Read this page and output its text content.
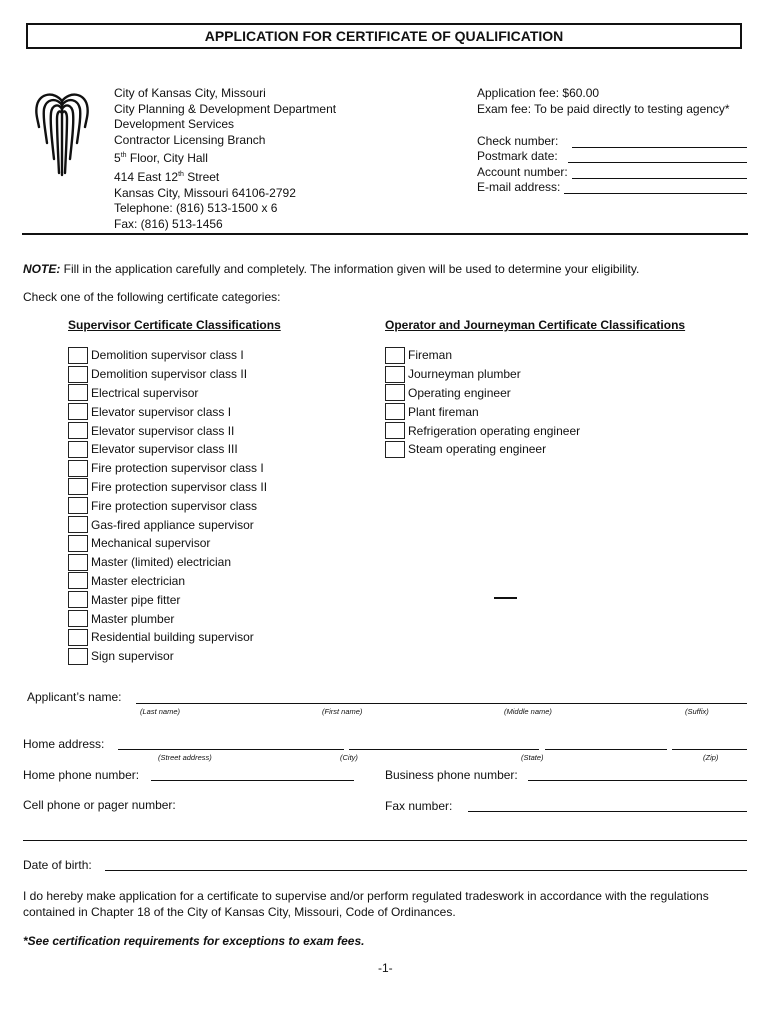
APPLICATION FOR CERTIFICATE OF QUALIFICATION
City of Kansas City, Missouri
City Planning & Development Department
Development Services
Contractor Licensing Branch
5th Floor, City Hall
414 East 12th Street
Kansas City, Missouri 64106-2792
Telephone: (816) 513-1500 x 6
Fax: (816) 513-1456
Application fee: $60.00
Exam fee: To be paid directly to testing agency*
Check number:
Postmark date:
Account number:
E-mail address:
NOTE: Fill in the application carefully and completely. The information given will be used to determine your eligibility.
Check one of the following certificate categories:
Supervisor Certificate Classifications
Demolition supervisor class I
Demolition supervisor class II
Electrical supervisor
Elevator supervisor class I
Elevator supervisor class II
Elevator supervisor class III
Fire protection supervisor class I
Fire protection supervisor class II
Fire protection supervisor class
Gas-fired appliance supervisor
Mechanical supervisor
Master (limited) electrician
Master electrician
Master pipe fitter
Master plumber
Residential building supervisor
Sign supervisor
Operator and Journeyman Certificate Classifications
Fireman
Journeyman plumber
Operating engineer
Plant fireman
Refrigeration operating engineer
Steam operating engineer
Applicant’s name:
(Last name)	(First name)	(Middle name)	(Suffix)
Home address:
(Street address)	(City)	(State)	(Zip)
Home phone number:	Business phone number:
Cell phone or pager number:	Fax number:
Date of birth:
I do hereby make application for a certificate to supervise and/or perform regulated tradeswork in accordance with the regulations contained in Chapter 18 of the City of Kansas City, Missouri, Code of Ordinances.
*See certification requirements for exceptions to exam fees.
-1-
